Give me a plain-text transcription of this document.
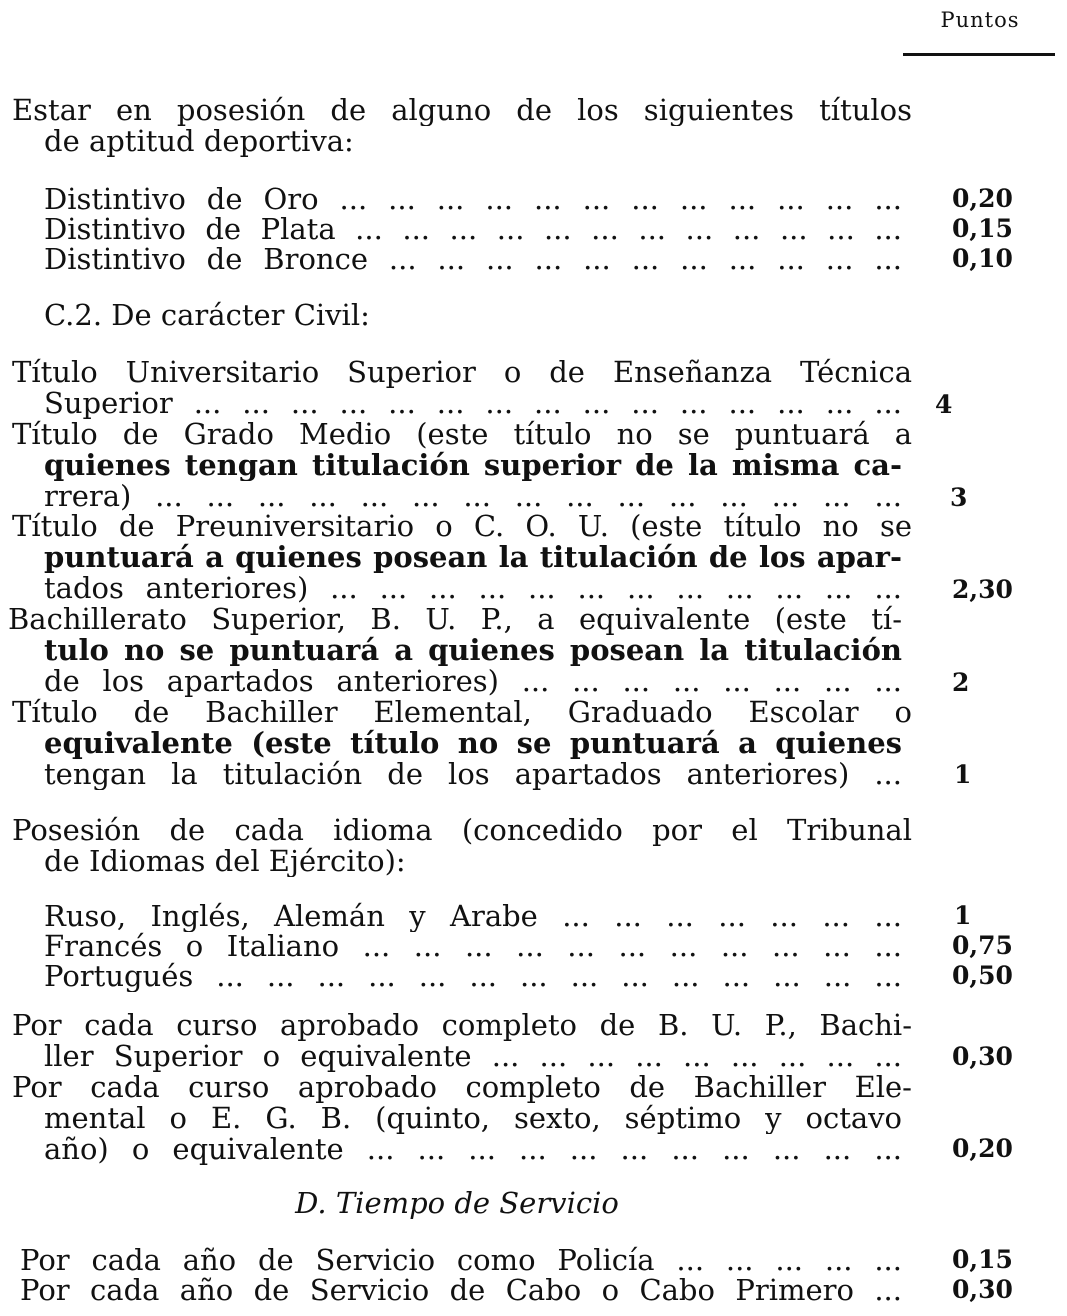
Puntos
Estar en posesión de alguno de los siguientes títulos
de aptitud deportiva:
Distintivo de Oro ... ... ... ... ... ... ... ... ... ... ... ... 0,20
Distintivo de Plata ... ... ... ... ... ... ... ... ... ... ... ... 0,15
Distintivo de Bronce ... ... ... ... ... ... ... ... ... ... ... 0,10
C.2. De carácter Civil:
Título Universitario Superior o de Enseñanza Técnica
Superior ... ... ... ... ... ... ... ... ... ... ... ... ... ... ... 4
Título de Grado Medio (este título no se puntuará a
quienes tengan titulación superior de la misma ca-
rrera) ... ... ... ... ... ... ... ... ... ... ... ... ... ... ... 3
Título de Preuniversitario o C. O. U. (este título no se
puntuará a quienes posean la titulación de los apar-
tados anteriores) ... ... ... ... ... ... ... ... ... ... ... ... 2,30
Bachillerato Superior, B. U. P., a equivalente (este tí-
tulo no se puntuará a quienes posean la titulación
de los apartados anteriores) ... ... ... ... ... ... ... ... 2
Título de Bachiller Elemental, Graduado Escolar o
equivalente (este título no se puntuará a quienes
tengan la titulación de los apartados anteriores) ... 1
Posesión de cada idioma (concedido por el Tribunal
de Idiomas del Ejército):
Ruso, Inglés, Alemán y Arabe ... ... ... ... ... ... ... 1
Francés o Italiano ... ... ... ... ... ... ... ... ... ... ... 0,75
Portugués ... ... ... ... ... ... ... ... ... ... ... ... ... ... 0,50
Por cada curso aprobado completo de B. U. P., Bachi-
ller Superior o equivalente ... ... ... ... ... ... ... ... ... 0,30
Por cada curso aprobado completo de Bachiller Ele-
mental o E. G. B. (quinto, sexto, séptimo y octavo
año) o equivalente ... ... ... ... ... ... ... ... ... ... ... 0,20
D. Tiempo de Servicio
Por cada año de Servicio como Policía ... ... ... ... ... 0,15
Por cada año de Servicio de Cabo o Cabo Primero ... 0,30
